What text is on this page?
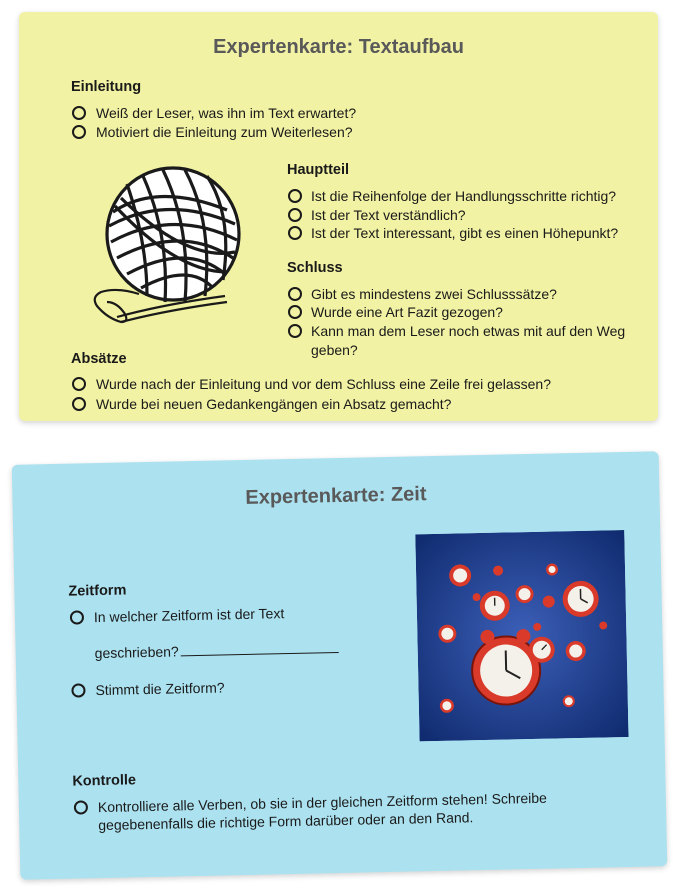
Expertenkarte: Textaufbau
Einleitung
Weiß der Leser, was ihn im Text erwartet?
Motiviert die Einleitung zum Weiterlesen?
Hauptteil
Ist die Reihenfolge der Handlungsschritte richtig?
Ist der Text verständlich?
Ist der Text interessant, gibt es einen Höhepunkt?
Schluss
Gibt es mindestens zwei Schlusssätze?
Wurde eine Art Fazit gezogen?
Kann man dem Leser noch etwas mit auf den Weg
geben?
Absätze
Wurde nach der Einleitung und vor dem Schluss eine Zeile frei gelassen?
Wurde bei neuen Gedankengängen ein Absatz gemacht?
Expertenkarte: Zeit
Zeitform
In welcher Zeitform ist der Text
geschrieben?
Stimmt die Zeitform?
Kontrolle
Kontrolliere alle Verben, ob sie in der gleichen Zeitform stehen! Schreibe
gegebenenfalls die richtige Form darüber oder an den Rand.
